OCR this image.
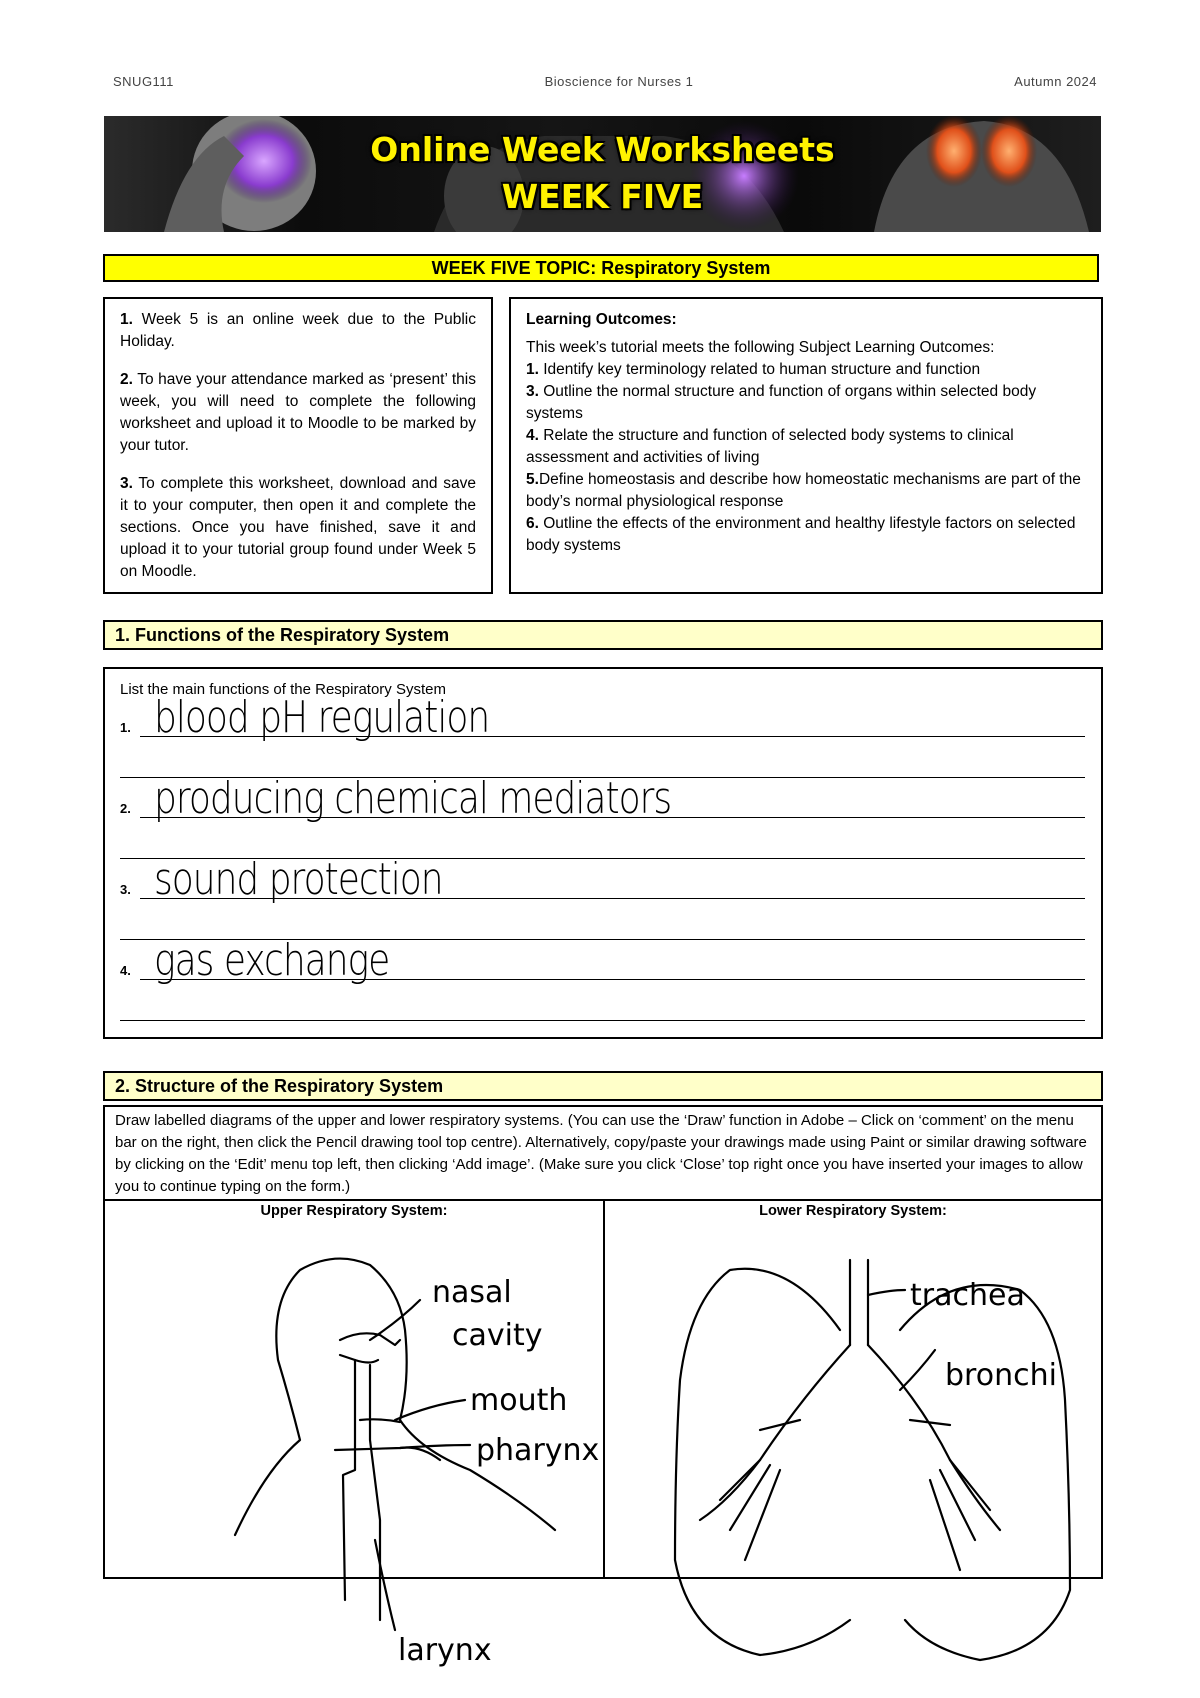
SNUG111	Bioscience for Nurses 1	Autumn 2024
Online Week Worksheets
WEEK FIVE
WEEK FIVE TOPIC: Respiratory System

1. Week 5 is an online week due to the Public Holiday.

2. To have your attendance marked as ‘present’ this week, you will need to complete the following worksheet and upload it to Moodle to be marked by your tutor.

3. To complete this worksheet, download and save it to your computer, then open it and complete the sections. Once you have finished, save it and upload it to your tutorial group found under Week 5 on Moodle.

Learning Outcomes:
This week’s tutorial meets the following Subject Learning Outcomes:
1. Identify key terminology related to human structure and function
3. Outline the normal structure and function of organs within selected body systems
4. Relate the structure and function of selected body systems to clinical assessment and activities of living
5.Define homeostasis and describe how homeostatic mechanisms are part of the body’s normal physiological response
6. Outline the effects of the environment and healthy lifestyle factors on selected body systems
1. Functions of the Respiratory System
List the main functions of the Respiratory System
1. blood pH regulation
2. producing chemical mediators
3. sound protection
4. gas exchange
2. Structure of the Respiratory System
Draw labelled diagrams of the upper and lower respiratory systems. (You can use the ‘Draw’ function in Adobe – Click on ‘comment’ on the menu bar on the right, then click the Pencil drawing tool top centre). Alternatively, copy/paste your drawings made using Paint or similar drawing software by clicking on the ‘Edit’ menu top left, then clicking ‘Add image’. (Make sure you click ‘Close’ top right once you have inserted your images to allow you to continue typing on the form.)
Upper Respiratory System:	Lower Respiratory System:
nasal
cavity
mouth
pharynx
larynx
trachea
bronchi
